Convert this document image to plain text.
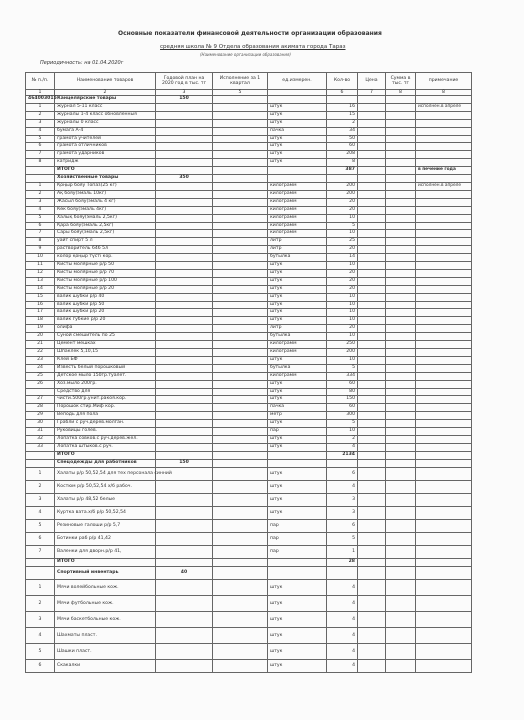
Основные показатели финансовой деятельности организации образования
средняя школа № 9 Отдела образования акимата города Тараз
(Наименование организации образования)
Периодичность: на 01.04.2020г
№ п./п.	Наименование товаров	Годовой план на 2020 год в тыс. тг	Исполнение за 1 квартал	ед.измерен.	Кол-во	Цена	Сумма в тыс. тг	примечание
1	2	3	5		6	7	8	8
464003015	Канцелярские товары	150						
1	журнал 5-11 класс			штук	16			исполнен.в апреле
2	журналы 1-4 класс обновленныя			штук	15			
3	журналы 0 класс			штук	2			
4	бумага А-4			пачка	34			
5	грамота учителей			штук	50			
6	грамота отличников			штук	60			
7	грамота ударников			штук	208			
8	катридж			штук	8			
	ИТОГО				387			в печение года
	Хозяйственные товары	350						
1	Қоңыр бояу Топаз(25 кг)			килограмм	200			исполнен.в апреле
2	Ақ бояу(эмаль 10кг)			килограмм	200			
3	Жасыл бояу(эмаль 4 кг)			килограмм	20			
4	Көк бояу(эмаль 4кг)			килограмм	20			
5	Халық бояу(эмаль 2,5кг)			килограмм	10			
6	Қара бояу(эмаль 2,5кг)			килограмм	5			
7	Сары бояу(эмаль 2,5кг)			килограмм	10			
8	уайт спирт 5 л			литр	25			
9	растворитель 646 5л			литр	20			
10	колор қоңыр түсті кор.			бутылка	14			
11	Кисты молярные р/р 50			штук	10			
12	Кисты молярные р/р 70			штук	20			
13	Кисты молярные р/р 100			штук	20			
14	Кисты молярные р/р 20			штук	20			
15	валик шубки р/р 40			штук	10			
16	валик шубки р/р 50			штук	10			
17	валик шубки р/р 20			штук	10			
18	валик губкие р/р 20			штук	10			
19	олифа			литр	20			
20	Суной смешитель по 25			бутылка	10			
21	Цемент мешках			килограмм	250			
22	Шпаклек 5,10,15			килограмм	200			
23	Клей БФ			штук	10			
24	Известь белый порошковый			бутылка	5			
25	Детское мыло 150гр.туалет.			килограмм	334			
26	Хоз.мыло 200гр.			штук	60			
	Средство для			штук	80			
27	чисти.500гр.унит.ракоя.кор.			штук	150			
28	Порошок стир.Миф кор.			пачка	60			
29	Веподь для пола			метр	300			
30	Грабли с руч.дерев.молган.			штук	5			
31	Руковицы голев.			пар	10			
32	Лопатка совков.с руч.дерев.жел.			штук	2			
33	Лопатка штыков.с руч.			штук	4			
	ИТОГО				2134			
	Спецодежды для работников	150						
1	Халаты р/р 50,52,54 для тех персонала синний			штук	6			
2	Костюм р/р 50,52,54 х/б рабоч.			штук	4			
3	Халаты р/р 48,52 белые			штук	3			
4	Куртка вата.х/б р/р 50,52,54			штук	3			
5	Резиновые галоши р/р 5,7			пар	6			
6	Ботинки раб р/р 41,42			пар	5			
7	Валенки для дворн.р/р 41,			пар	1			
	ИТОГО				28			
	Спортивный инвентарь	40						
1	Мячи волейбольные кож.			штук	4			
2	Мячи футбольные кож.			штук	4			
3	Мячи баскетбольные кож.			штук	4			
4	Шахматы пласт.			штук	4			
5	Шашки пласт.			штук	4			
6	Скакалки			штук	4			
